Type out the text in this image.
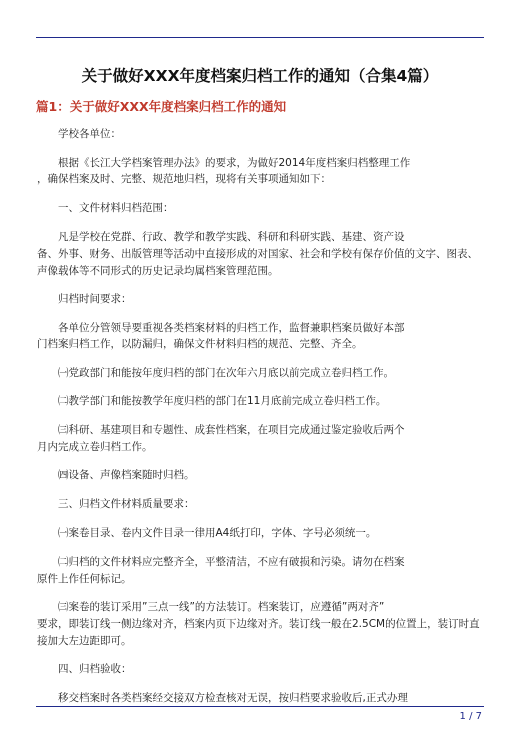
关于做好XXX年度档案归档工作的通知（合集4篇）
篇1：关于做好XXX年度档案归档工作的通知
学校各单位：
根据《长江大学档案管理办法》的要求，为做好2014年度档案归档整理工作
，确保档案及时、完整、规范地归档，现将有关事项通知如下：
一、文件材料归档范围：
凡是学校在党群、行政、教学和教学实践、科研和科研实践、基建、资产设
备、外事、财务、出版管理等活动中直接形成的对国家、社会和学校有保存价值的文字、图表、
声像载体等不同形式的历史记录均属档案管理范围。
归档时间要求：
各单位分管领导要重视各类档案材料的归档工作，监督兼职档案员做好本部
门档案归档工作，以防漏归，确保文件材料归档的规范、完整、齐全。
㈠党政部门和能按年度归档的部门在次年六月底以前完成立卷归档工作。
㈡教学部门和能按教学年度归档的部门在11月底前完成立卷归档工作。
㈢科研、基建项目和专题性、成套性档案，在项目完成通过鉴定验收后两个
月内完成立卷归档工作。
㈣设备、声像档案随时归档。
三、归档文件材料质量要求：
㈠案卷目录、卷内文件目录一律用A4纸打印，字体、字号必须统一。
㈡归档的文件材料应完整齐全，平整清洁，不应有破损和污染。请勿在档案
原件上作任何标记。
㈢案卷的装订采用”三点一线”的方法装订。档案装订，应遵循”两对齐”
要求，即装订线一侧边缘对齐，档案内页下边缘对齐。装订线一般在2.5CM的位置上，装订时直
接加大左边距即可。
四、归档验收：
移交档案时各类档案经交接双方检查核对无误，按归档要求验收后,正式办理
1 / 7
